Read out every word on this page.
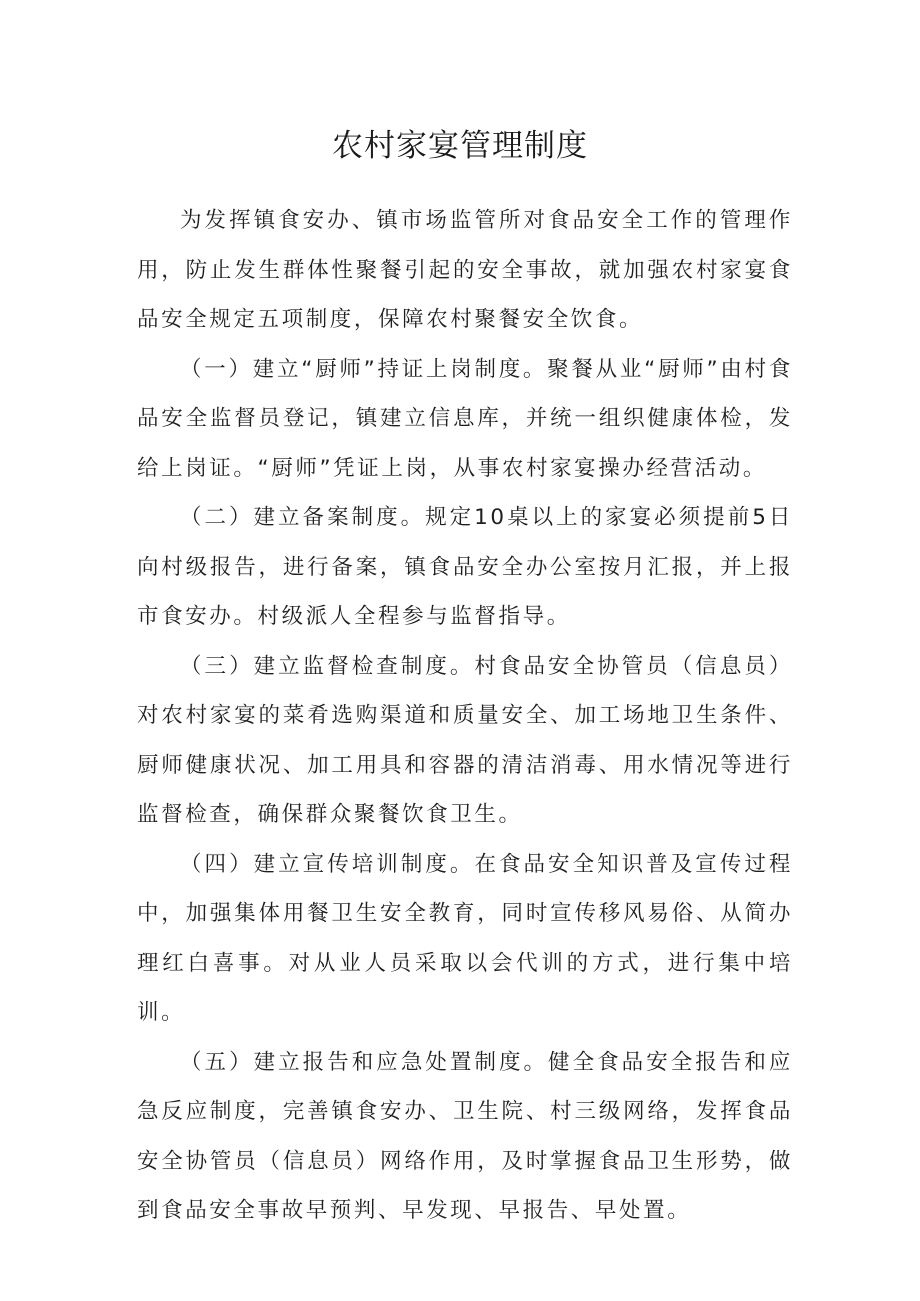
农村家宴管理制度

为发挥镇食安办、镇市场监管所对食品安全工作的管理作用，防止发生群体性聚餐引起的安全事故，就加强农村家宴食品安全规定五项制度，保障农村聚餐安全饮食。

（一）建立“厨师”持证上岗制度。聚餐从业“厨师”由村食品安全监督员登记，镇建立信息库，并统一组织健康体检，发给上岗证。“厨师”凭证上岗，从事农村家宴操办经营活动。

（二）建立备案制度。规定10桌以上的家宴必须提前5日向村级报告，进行备案，镇食品安全办公室按月汇报，并上报市食安办。村级派人全程参与监督指导。

（三）建立监督检查制度。村食品安全协管员（信息员）对农村家宴的菜肴选购渠道和质量安全、加工场地卫生条件、厨师健康状况、加工用具和容器的清洁消毒、用水情况等进行监督检查，确保群众聚餐饮食卫生。

（四）建立宣传培训制度。在食品安全知识普及宣传过程中，加强集体用餐卫生安全教育，同时宣传移风易俗、从简办理红白喜事。对从业人员采取以会代训的方式，进行集中培训。

（五）建立报告和应急处置制度。健全食品安全报告和应急反应制度，完善镇食安办、卫生院、村三级网络，发挥食品安全协管员（信息员）网络作用，及时掌握食品卫生形势，做到食品安全事故早预判、早发现、早报告、早处置。
